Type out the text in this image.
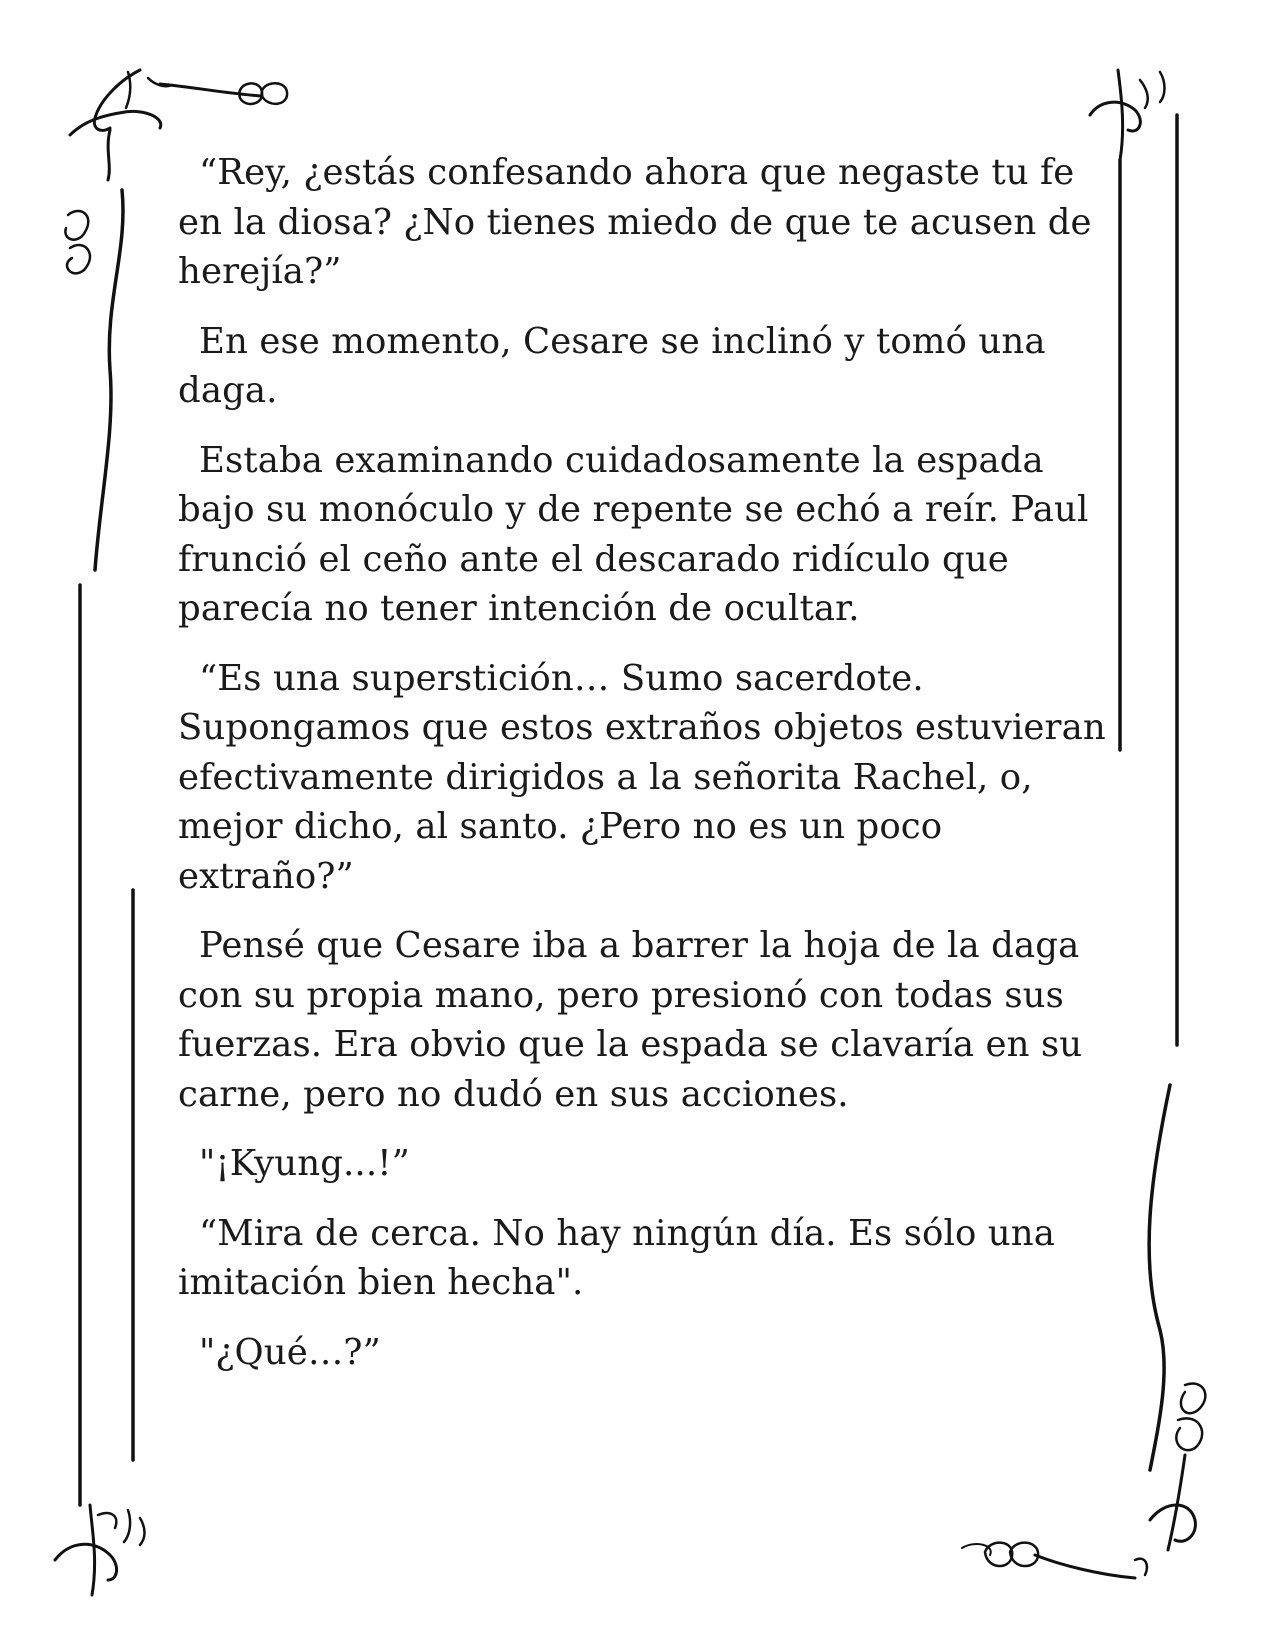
“Rey, ¿estás confesando ahora que negaste tu fe en la diosa? ¿No tienes miedo de que te acusen de herejía?”

En ese momento, Cesare se inclinó y tomó una daga.

Estaba examinando cuidadosamente la espada bajo su monóculo y de repente se echó a reír. Paul frunció el ceño ante el descarado ridículo que parecía no tener intención de ocultar.

“Es una superstición… Sumo sacerdote. Supongamos que estos extraños objetos estuvieran efectivamente dirigidos a la señorita Rachel, o, mejor dicho, al santo. ¿Pero no es un poco extraño?”

Pensé que Cesare iba a barrer la hoja de la daga con su propia mano, pero presionó con todas sus fuerzas. Era obvio que la espada se clavaría en su carne, pero no dudó en sus acciones.

"¡Kyung...!”

“Mira de cerca. No hay ningún día. Es sólo una imitación bien hecha".

"¿Qué…?”
